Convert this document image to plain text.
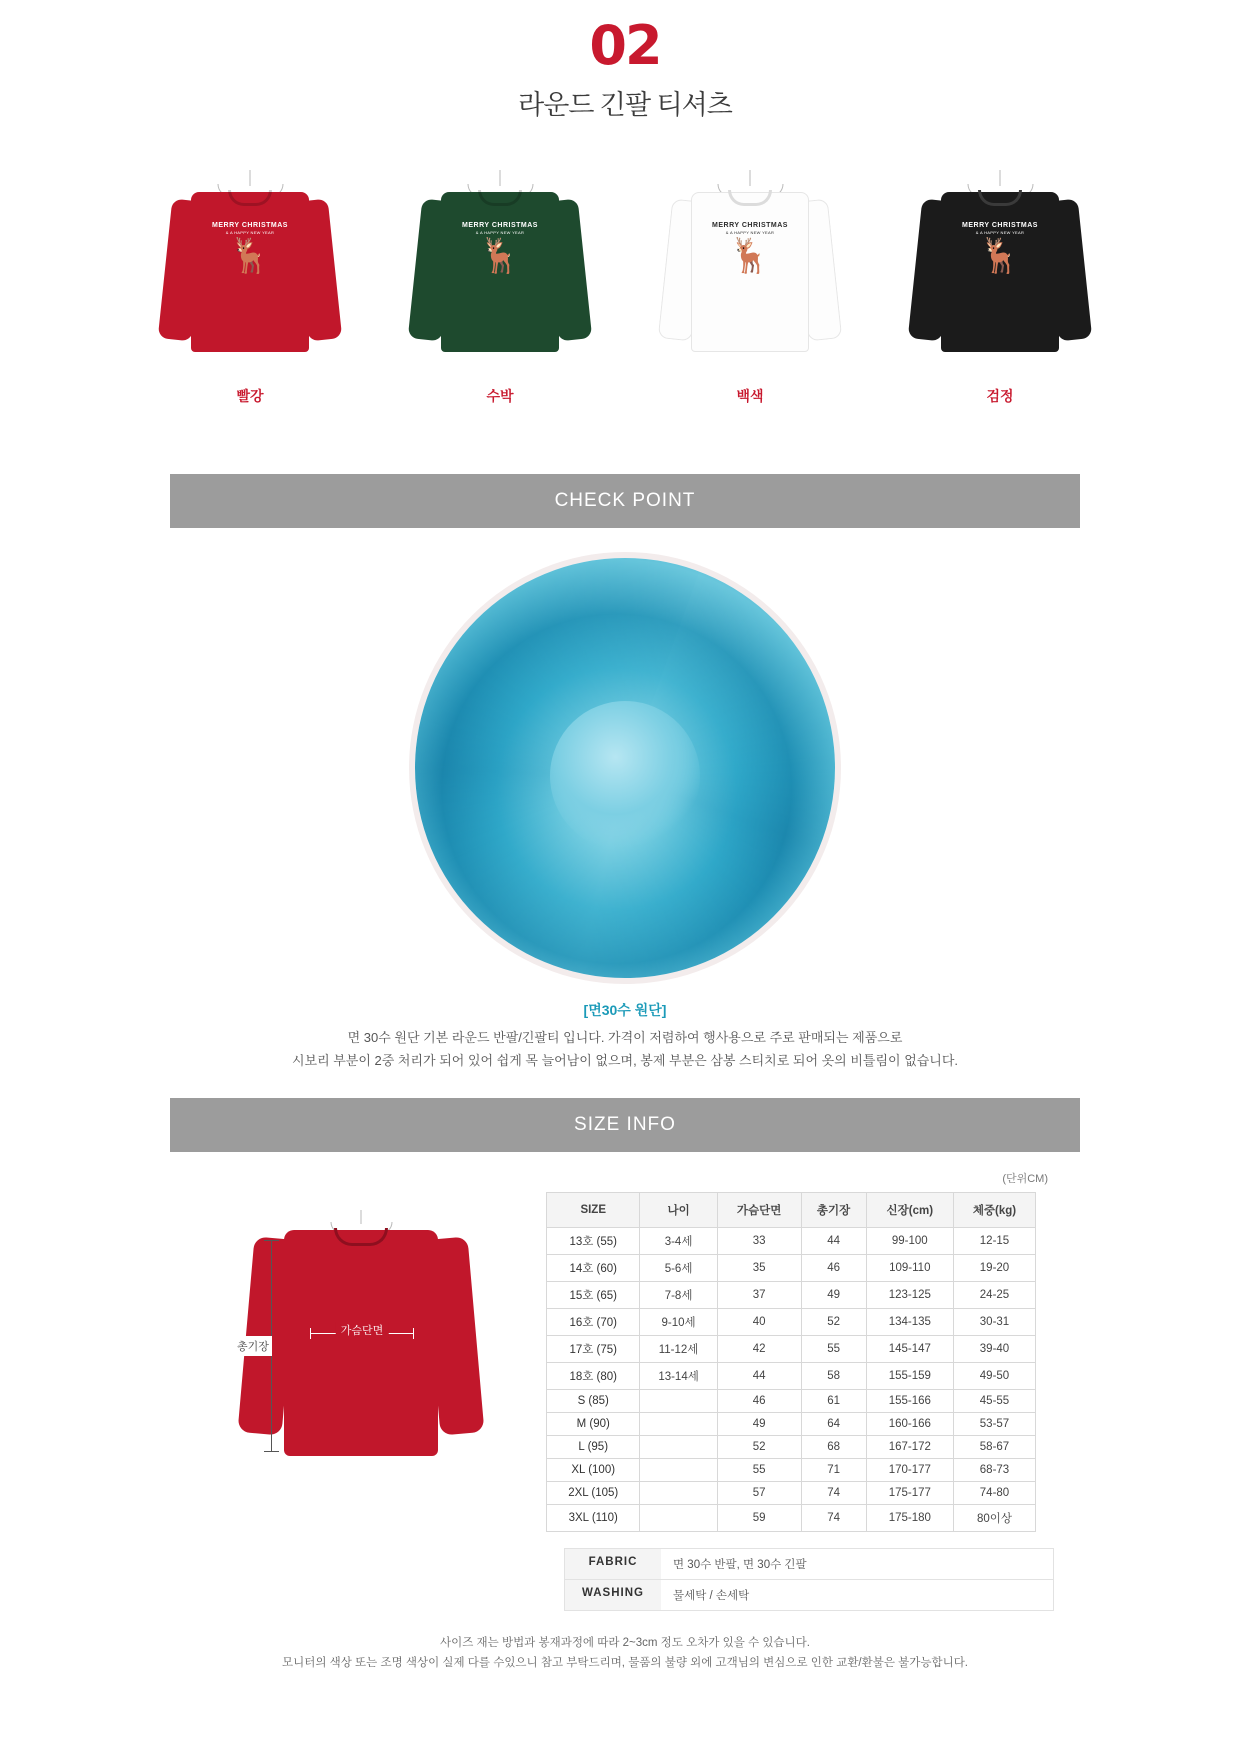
02
라운드 긴팔 티셔츠
MERRY CHRISTMAS
& A HAPPY NEW YEAR
🦌
빨강
MERRY CHRISTMAS
& A HAPPY NEW YEAR
🦌
수박
MERRY CHRISTMAS
& A HAPPY NEW YEAR
🦌
백색
MERRY CHRISTMAS
& A HAPPY NEW YEAR
🦌
검정
CHECK POINT
[면30수 원단]
면 30수 원단 기본 라운드 반팔/긴팔티 입니다. 가격이 저렴하여 행사용으로 주로 판매되는 제품으로
시보리 부분이 2중 처리가 되어 있어 쉽게 목 늘어남이 없으며, 봉제 부분은 삼봉 스티치로 되어 옷의 비틀림이 없습니다.
SIZE INFO
(단위CM)
가슴단면
총기장
SIZE	나이	가슴단면	총기장	신장(cm)	체중(kg)
13호 (55)	3-4세	33	44	99-100	12-15
14호 (60)	5-6세	35	46	109-110	19-20
15호 (65)	7-8세	37	49	123-125	24-25
16호 (70)	9-10세	40	52	134-135	30-31
17호 (75)	11-12세	42	55	145-147	39-40
18호 (80)	13-14세	44	58	155-159	49-50
S (85)		46	61	155-166	45-55
M (90)		49	64	160-166	53-57
L (95)		52	68	167-172	58-67
XL (100)		55	71	170-177	68-73
2XL (105)		57	74	175-177	74-80
3XL (110)		59	74	175-180	80이상
FABRIC	면 30수 반팔, 면 30수 긴팔
WASHING	물세탁 / 손세탁
사이즈 재는 방법과 봉재과정에 따라 2~3cm 정도 오차가 있을 수 있습니다.
모니터의 색상 또는 조명 색상이 실제 다를 수있으니 참고 부탁드리며, 물품의 불량 외에 고객님의 변심으로 인한 교환/환불은 불가능합니다.
